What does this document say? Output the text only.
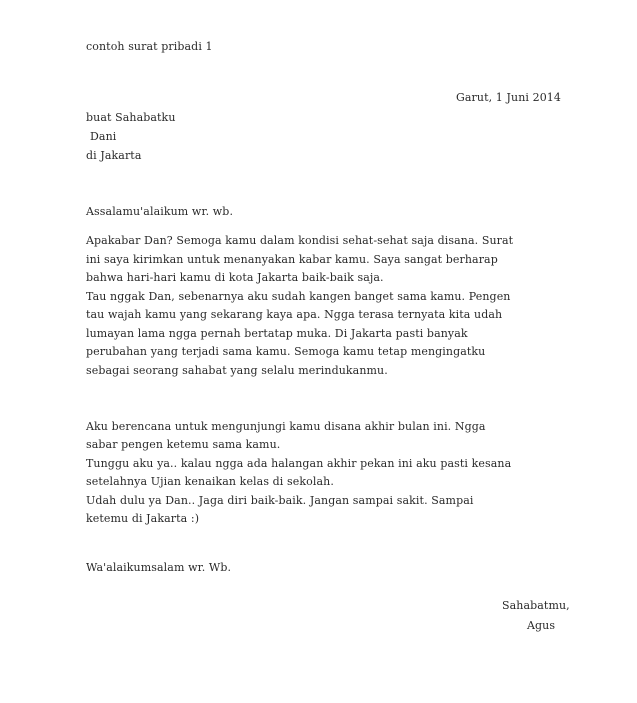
contoh surat pribadi 1
Garut, 1 Juni 2014
buat Sahabatku
Dani
di Jakarta
Assalamu'alaikum wr. wb.
Apakabar Dan? Semoga kamu dalam kondisi sehat-sehat saja disana. Surat
ini saya kirimkan untuk menanyakan kabar kamu. Saya sangat berharap
bahwa hari-hari kamu di kota Jakarta baik-baik saja.
Tau nggak Dan, sebenarnya aku sudah kangen banget sama kamu. Pengen
tau wajah kamu yang sekarang kaya apa. Ngga terasa ternyata kita udah
lumayan lama ngga pernah bertatap muka. Di Jakarta pasti banyak
perubahan yang terjadi sama kamu. Semoga kamu tetap mengingatku
sebagai seorang sahabat yang selalu merindukanmu.
Aku berencana untuk mengunjungi kamu disana akhir bulan ini. Ngga
sabar pengen ketemu sama kamu.
Tunggu aku ya.. kalau ngga ada halangan akhir pekan ini aku pasti kesana
setelahnya Ujian kenaikan kelas di sekolah.
Udah dulu ya Dan.. Jaga diri baik-baik. Jangan sampai sakit. Sampai
ketemu di Jakarta :)
Wa'alaikumsalam wr. Wb.
Sahabatmu,
Agus
